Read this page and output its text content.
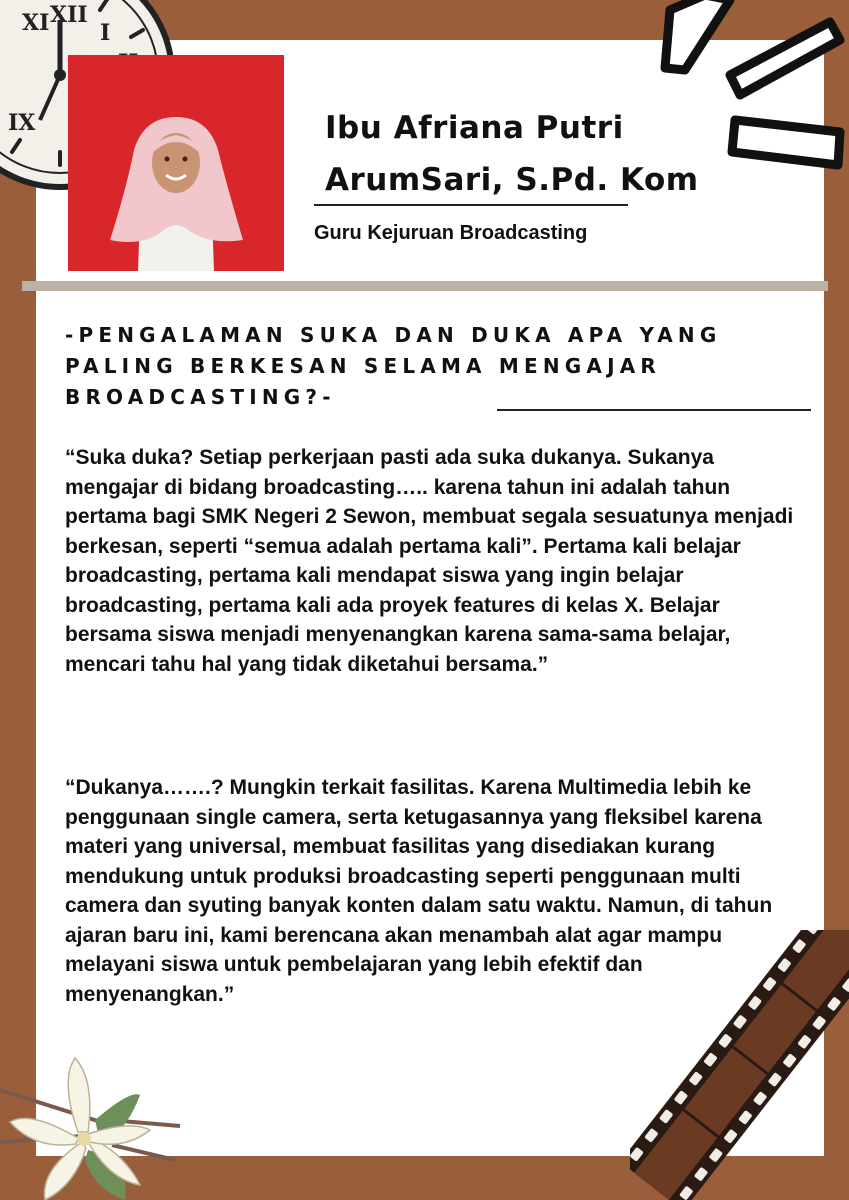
XI XII
I
IX	Ibu Afriana Putri
ArumSari, S.Pd. Kom
Guru Kejuruan Broadcasting
-PENGALAMAN SUKA DAN DUKA APA YANG PALING BERKESAN SELAMA MENGAJAR BROADCASTING?-

“Suka duka? Setiap perkerjaan pasti ada suka dukanya. Sukanya mengajar di bidang broadcasting….. karena tahun ini adalah tahun pertama bagi SMK Negeri 2 Sewon, membuat segala sesuatunya menjadi berkesan, seperti “semua adalah pertama kali”. Pertama kali belajar broadcasting, pertama kali mendapat siswa yang ingin belajar broadcasting, pertama kali ada proyek features di kelas X. Belajar bersama siswa menjadi menyenangkan karena sama-sama belajar, mencari tahu hal yang tidak diketahui bersama.”

“Dukanya…….? Mungkin terkait fasilitas. Karena Multimedia lebih ke penggunaan single camera, serta ketugasannya yang fleksibel karena materi yang universal, membuat fasilitas yang disediakan kurang mendukung untuk produksi broadcasting seperti penggunaan multi camera dan syuting banyak konten dalam satu waktu. Namun, di tahun ajaran baru ini, kami berencana akan menambah alat agar mampu melayani siswa untuk pembelajaran yang lebih efektif dan menyenangkan.”
